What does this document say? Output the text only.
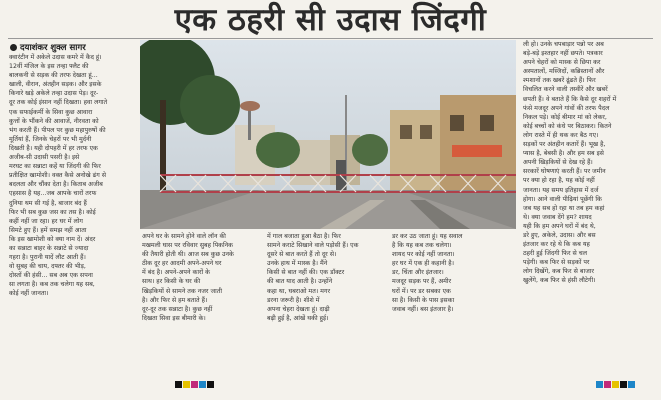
एक ठहरी सी उदास जिंदगी
दयाशंकर शुक्ल सागर
क्वारंटीन में अकेले उदास कमरे में कैद हूं।
12वीं मंजिल के इस तन्हा फ्लैट की
बालकनी से सड़क की तरफ देखता हूं...
खाली, वीरान, अंतहीन सड़क। और इसके
किनारे खड़े अकेले तन्हा उदास पेड़। दूर-
दूर तक कोई इंसान नहीं दिखता। हवा लगाते
एक सफाईकर्मी के सिवा कुछ आवारा
कुत्तों के भौंकने की आवाजें, नीरवता को
भंग करती हैं। पीपल पर कुछ महापुरुषों की
मूर्तियां हैं, जिनके चेहरों पर भी मुर्दनी
दिखती है। यही दोपहरी में हर तरफ एक
अजीब-सी उदासी पसरी है। इसे
मरघट का सन्नाटा कहें या जिंदगी की फिर
प्रतीक्षित खामोशी। वक्त कैसे अनोखे ढंग से
बदलता और चौंका देता है। किताब अजीब
एहसास है यह...जब आपके चारों तरफ
दुनिया थम सी गई है, बाजार बंद हैं
फिर भी सब कुछ जस का तस है। कोई
कहीं नहीं जा रहा। हर घर में लोग
सिमटे हुए हैं। हमें समझ नहीं आता
कि इस खामोशी को क्या नाम दें। अंदर
का सन्नाटा बाहर के सन्नाटे से ज्यादा
गहरा है। पुरानी यादें लौट आती हैं।
वो सुबह की चाय, दफ्तर की भीड़,
दोस्तों की हंसी... सब अब एक सपना
सा लगता है। कब तक चलेगा यह सब,
कोई नहीं जानता।
ली हो। उनके चपबाड़ार पन्नो पर अब
बड़े-बड़े इश्तहार नहीं छपते। पत्रकार
अपने चेहरों को मास्क से छिपा कर
अस्पतालों, मस्जिदों, कब्रिस्तानों और
श्मशानों तक खबरें ढूंढते हैं। फिर
विचलित करने वाली तस्वीरें और खबरें
छपती हैं। वे बताते हैं कि कैसे दूर शहरों में
फंसे मजदूर अपने गांवों की तरफ पैदल
निकल पड़े। कोई बीमार मां को लेकर,
कोई बच्चों को कंधे पर बिठाकर। कितने
लोग रास्ते में ही थक कर बैठ गए।
सड़कों पर अंतहीन कतारें हैं। भूख है,
प्यास है, बेबसी है। और हम सब इसे
अपनी खिड़कियों से देख रहे हैं।
सरकारें घोषणाएं करती हैं। पर जमीन
पर क्या हो रहा है, यह कोई नहीं
जानता। यह समय इतिहास में दर्ज
होगा। आने वाली पीढ़ियां पूछेंगी कि
जब यह सब हो रहा था तब हम कहां
थे। क्या जवाब देंगे हम? शायद
यही कि हम अपने घरों में बंद थे,
डरे हुए, अकेले, उदास। और बस
इंतजार कर रहे थे कि कब यह
ठहरी हुई जिंदगी फिर से चल
पड़ेगी। कब फिर से सड़कों पर
लोग दिखेंगे, कब फिर से बाजार
खुलेंगे, कब फिर से हंसी लौटेगी।
अपने घर के सामने होने वाले लॉन की
मखमली घास पर रविवार सुबह पिकनिक
की तैयारी होती थी। आज सब कुछ उनके
ठीक दूर हर आदमी अपने-अपने घर
में बंद है। अपने-अपने कारों के
साथ। हर किसी के घर की
खिड़कियों से सामने तक नजर जाती
है। और फिर से हम बताते हैं।
दूर-दूर तक सन्नाटा है। कुछ नहीं
दिखता सिवा इस बीमारी के।
में गाल बजाता हुआ बैठा है। फिर
सामने कराटे सिखाने वाले पड़ोसी हैं। एक
दूसरे से बात करते हैं तो दूर से।
उनके हाथ में मास्क है। मैंने
किसी से बात नहीं की। एक डॉक्टर
की बात याद आती है। उन्होंने
कहा था, घबराओ मत। मगर
डरना जरूरी है। शीशे में
अपना चेहरा देखता हूं। दाढ़ी
बढ़ी हुई है, आंखें थकी हुई।
डर कर उठ जाता हूं। यह सवाल
है कि यह कब तक चलेगा।
शायद पर कोई नहीं जानता।
हर घर में एक ही कहानी है।
डर, चिंता और इंतजार।
मजदूर सड़क पर हैं, अमीर
घरों में। पर डर सबका एक
सा है। किसी के पास इसका
जवाब नहीं। बस इंतजार है।
